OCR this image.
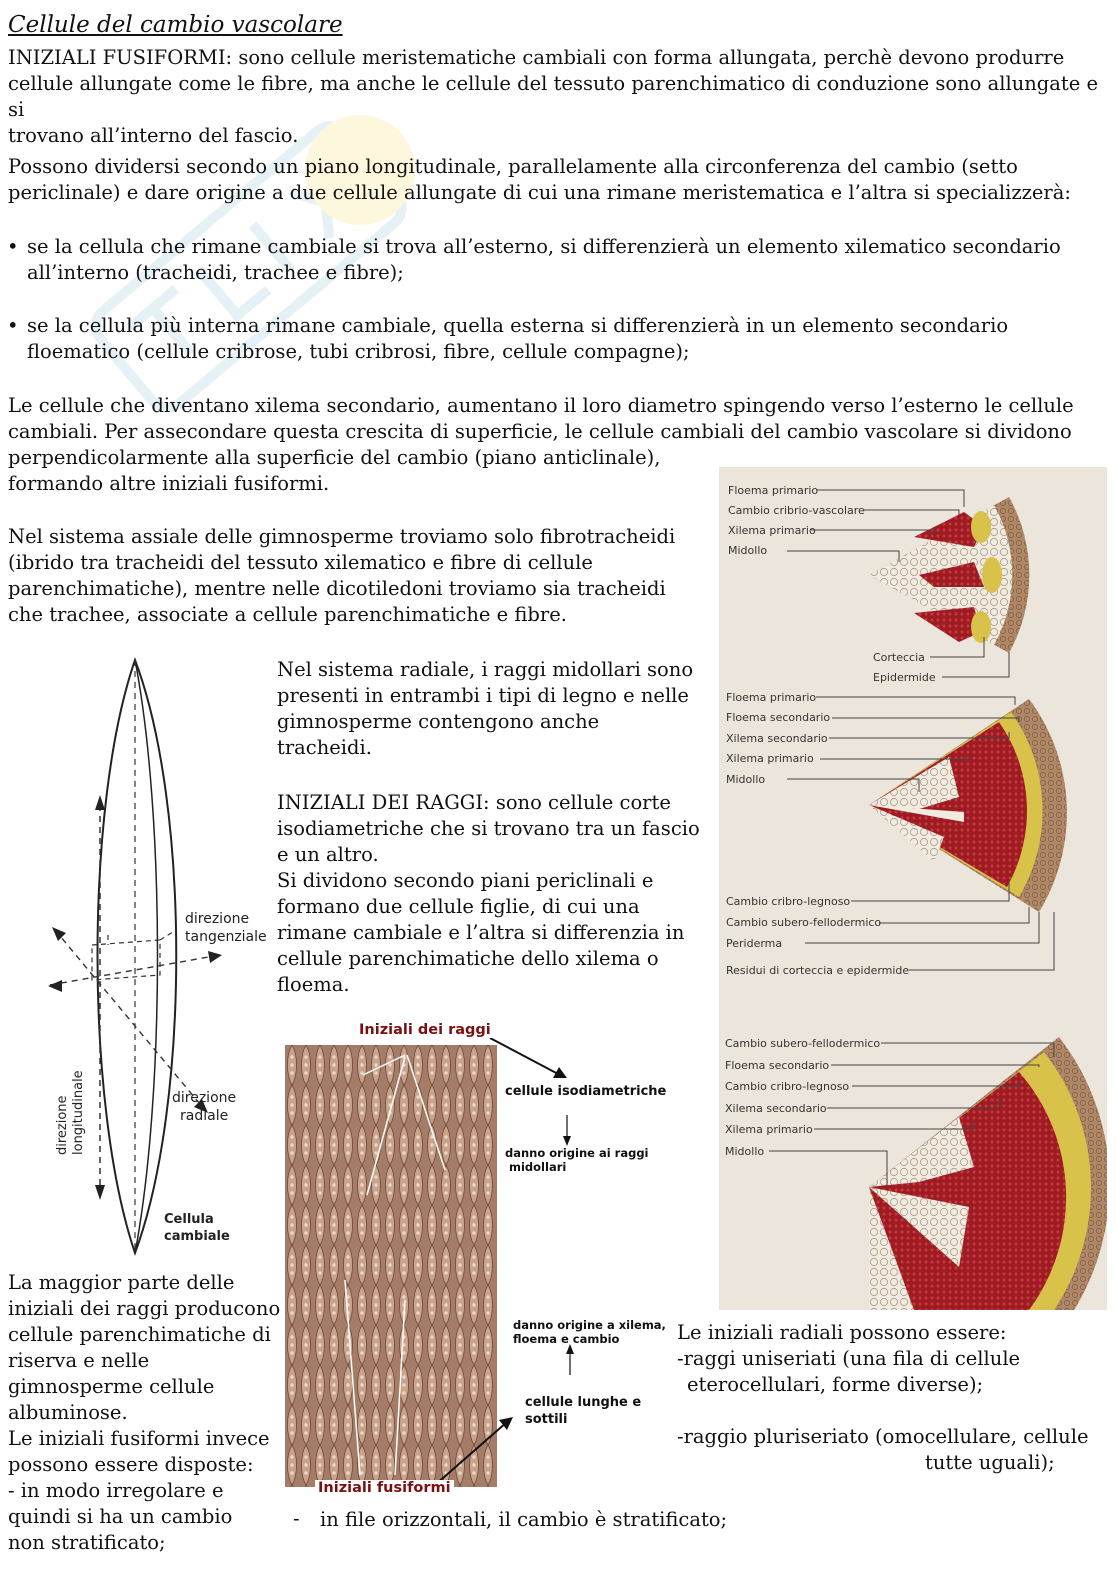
Cellule del cambio vascolare
INIZIALI FUSIFORMI: sono cellule meristematiche cambiali con forma allungata, perchè devono produrre
cellule allungate come le fibre, ma anche le cellule del tessuto parenchimatico di conduzione sono allungate e si
trovano all’interno del fascio.
Possono dividersi secondo un piano longitudinale, parallelamente alla circonferenza del cambio (setto
periclinale) e dare origine a due cellule allungate di cui una rimane meristematica e l’altra si specializzerà:
• se la cellula che rimane cambiale si trova all’esterno, si differenzierà un elemento xilematico secondario
all’interno (tracheidi, trachee e fibre);
• se la cellula più interna rimane cambiale, quella esterna si differenzierà in un elemento secondario
floematico (cellule cribrose, tubi cribrosi, fibre, cellule compagne);
Le cellule che diventano xilema secondario, aumentano il loro diametro spingendo verso l’esterno le cellule
cambiali. Per assecondare questa crescita di superficie, le cellule cambiali del cambio vascolare si dividono
perpendicolarmente alla superficie del cambio (piano anticlinale),
formando altre iniziali fusiformi.
Nel sistema assiale delle gimnosperme troviamo solo fibrotracheidi
(ibrido tra tracheidi del tessuto xilematico e fibre di cellule
parenchimatiche), mentre nelle dicotiledoni troviamo sia tracheidi
che trachee, associate a cellule parenchimatiche e fibre.
Nel sistema radiale, i raggi midollari sono
presenti in entrambi i tipi di legno e nelle
gimnosperme contengono anche
tracheidi.
INIZIALI DEI RAGGI: sono cellule corte
isodiametriche che si trovano tra un fascio
e un altro.
Si dividono secondo piani periclinali e
formano due cellule figlie, di cui una
rimane cambiale e l’altra si differenzia in
cellule parenchimatiche dello xilema o
floema.
La maggior parte delle
iniziali dei raggi producono
cellule parenchimatiche di
riserva e nelle
gimnosperme cellule
albuminose.
Le iniziali fusiformi invece
possono essere disposte:
- in modo irregolare e
quindi si ha un cambio
non stratificato;
- in file orizzontali, il cambio è stratificato;
Le iniziali radiali possono essere:
-raggi uniseriati (una fila di cellule
eterocellulari, forme diverse);
-raggio pluriseriato (omocellulare, cellule
tutte uguali);
direzione tangenziale
direzione longitudinale	direzione
radiale
Cellula
cambiale
Iniziali dei raggi
Iniziali fusiformi
cellule isodiametriche
danno origine ai raggi
midollari
danno origine a xilema,
floema e cambio
cellule lunghe e
sottili
Floema primario
Cambio cribrio-vascolare
Xilema primario
Midollo
Corteccia
Epidermide
Floema primario
Floema secondario
Xilema secondario
Xilema primario
Midollo
Cambio cribro-legnoso
Cambio subero-fellodermico
Periderma
Residui di corteccia e epidermide
Cambio subero-fellodermico
Floema secondario
Cambio cribro-legnoso
Xilema secondario
Xilema primario
Midollo
